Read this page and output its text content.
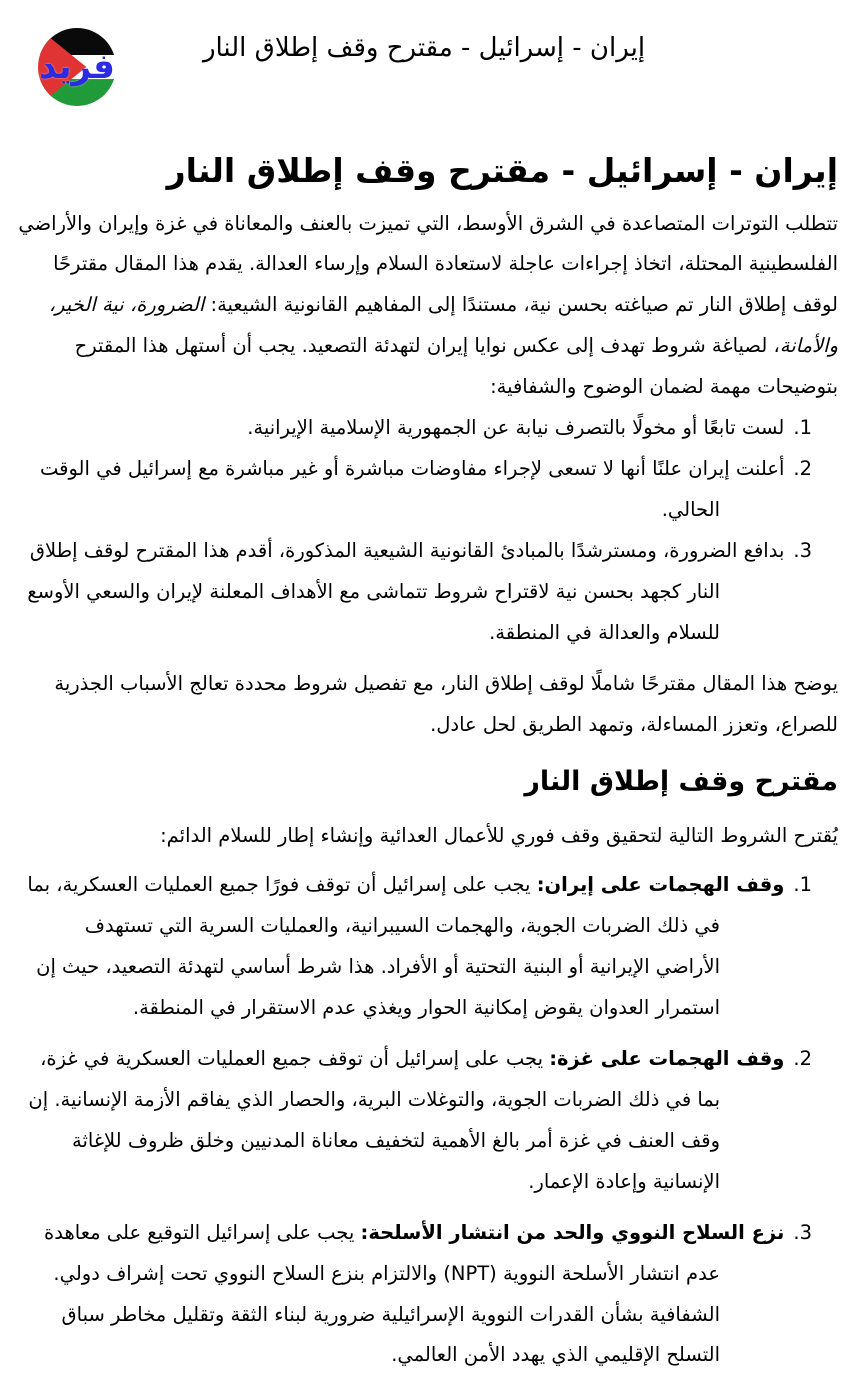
فريد	إيران - إسرائيل - مقترح وقف إطلاق النار
إيران - إسرائيل - مقترح وقف إطلاق النار

تتطلب التوترات المتصاعدة في الشرق الأوسط، التي تميزت بالعنف والمعاناة في غزة وإيران والأراضي الفلسطينية المحتلة، اتخاذ إجراءات عاجلة لاستعادة السلام وإرساء العدالة. يقدم هذا المقال مقترحًا لوقف إطلاق النار تم صياغته بحسن نية، مستندًا إلى المفاهيم القانونية الشيعية: الضرورة، نية الخير، والأمانة، لصياغة شروط تهدف إلى عكس نوايا إيران لتهدئة التصعيد. يجب أن أستهل هذا المقترح بتوضيحات مهمة لضمان الوضوح والشفافية:

1.لست تابعًا أو مخولًا بالتصرف نيابة عن الجمهورية الإسلامية الإيرانية.
2.أعلنت إيران علنًا أنها لا تسعى لإجراء مفاوضات مباشرة أو غير مباشرة مع إسرائيل في الوقت الحالي.
3.بدافع الضرورة، ومسترشدًا بالمبادئ القانونية الشيعية المذكورة، أقدم هذا المقترح لوقف إطلاق النار كجهد بحسن نية لاقتراح شروط تتماشى مع الأهداف المعلنة لإيران والسعي الأوسع للسلام والعدالة في المنطقة.

يوضح هذا المقال مقترحًا شاملًا لوقف إطلاق النار، مع تفصيل شروط محددة تعالج الأسباب الجذرية للصراع، وتعزز المساءلة، وتمهد الطريق لحل عادل.

مقترح وقف إطلاق النار

يُقترح الشروط التالية لتحقيق وقف فوري للأعمال العدائية وإنشاء إطار للسلام الدائم:

1.وقف الهجمات على إيران: يجب على إسرائيل أن توقف فورًا جميع العمليات العسكرية، بما في ذلك الضربات الجوية، والهجمات السيبرانية، والعمليات السرية التي تستهدف الأراضي الإيرانية أو البنية التحتية أو الأفراد. هذا شرط أساسي لتهدئة التصعيد، حيث إن استمرار العدوان يقوض إمكانية الحوار ويغذي عدم الاستقرار في المنطقة.
2.وقف الهجمات على غزة: يجب على إسرائيل أن توقف جميع العمليات العسكرية في غزة، بما في ذلك الضربات الجوية، والتوغلات البرية، والحصار الذي يفاقم الأزمة الإنسانية. إن وقف العنف في غزة أمر بالغ الأهمية لتخفيف معاناة المدنيين وخلق ظروف للإغاثة الإنسانية وإعادة الإعمار.
3.نزع السلاح النووي والحد من انتشار الأسلحة: يجب على إسرائيل التوقيع على معاهدة عدم انتشار الأسلحة النووية (NPT) والالتزام بنزع السلاح النووي تحت إشراف دولي. الشفافية بشأن القدرات النووية الإسرائيلية ضرورية لبناء الثقة وتقليل مخاطر سباق التسلح الإقليمي الذي يهدد الأمن العالمي.
